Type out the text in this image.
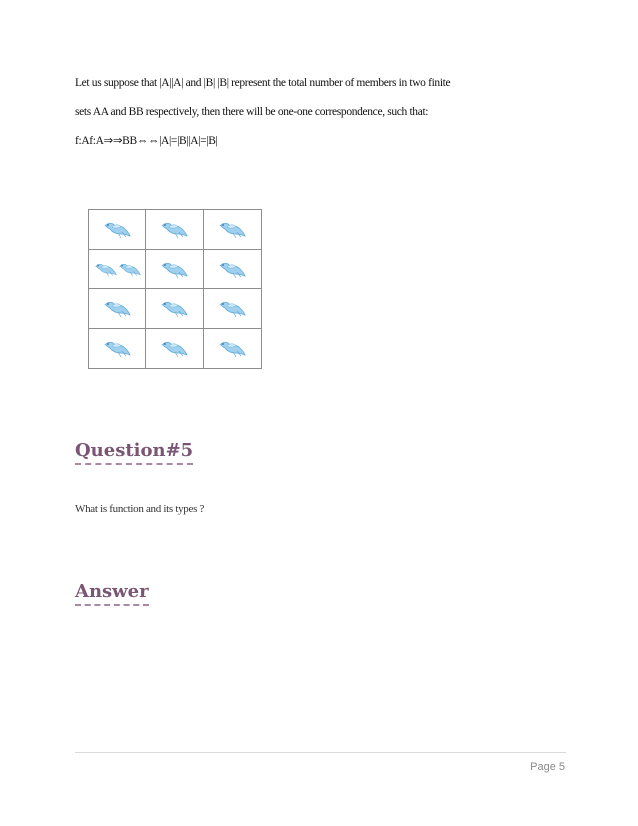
Let us suppose that |A||A| and |B| |B| represent the total number of members in two finite
sets AA and BB respectively, then there will be one-one correspondence, such that:
f:Af:A⇒⇒BB⇔⇔|A|=|B||A|=|B|
Question#5
What is function and its types ?
Answer
Page 5
